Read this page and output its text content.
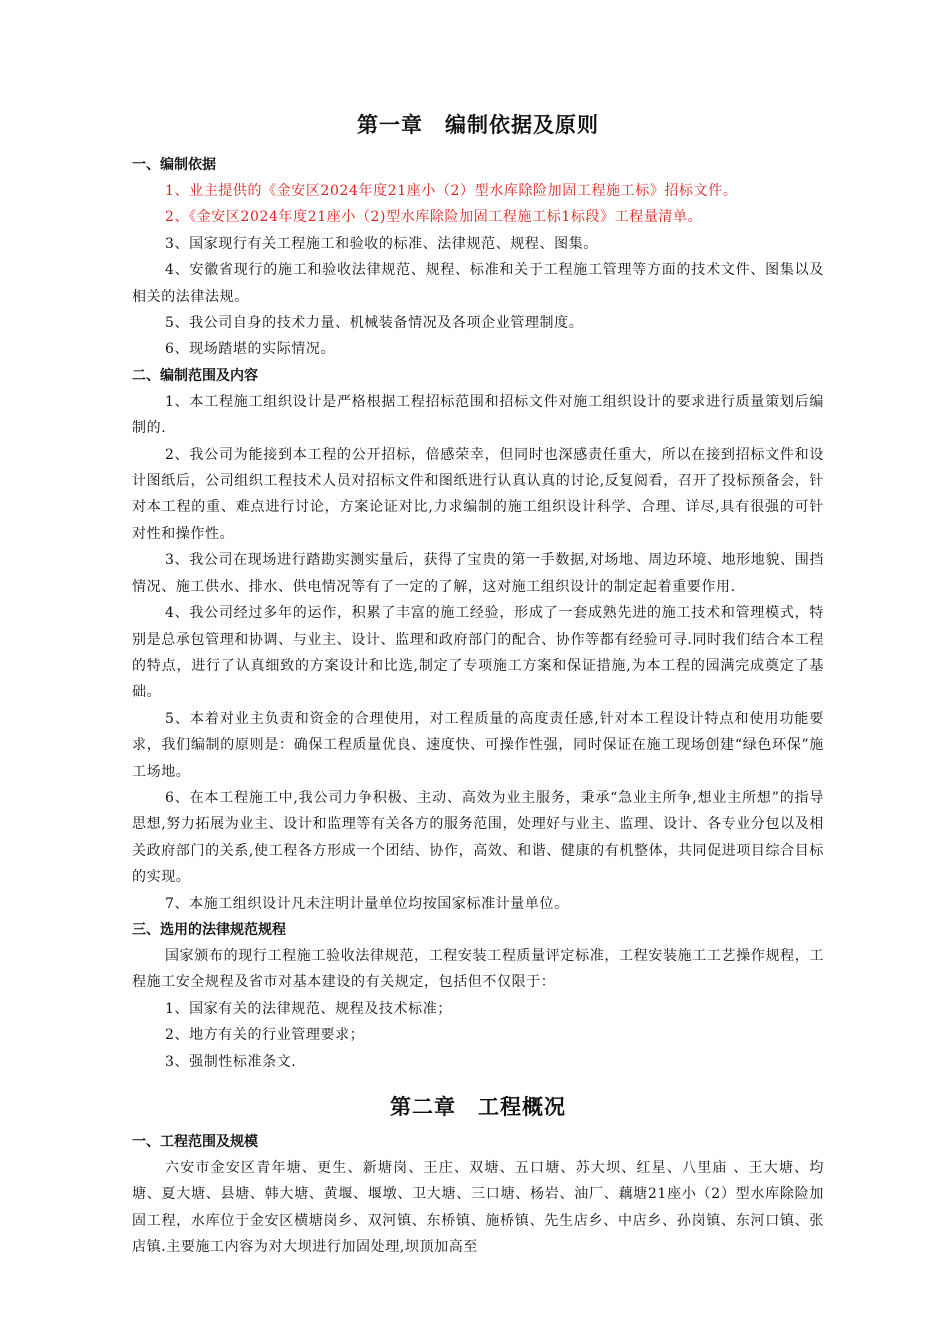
第一章　编制依据及原则
一、编制依据

1、业主提供的《金安区2024年度21座小（2）型水库除险加固工程施工标》招标文件。

2、《金安区2024年度21座小（2)型水库除险加固工程施工标1标段》工程量清单。

3、国家现行有关工程施工和验收的标准、法律规范、规程、图集。

4、安徽省现行的施工和验收法律规范、规程、标准和关于工程施工管理等方面的技术文件、图集以及相关的法律法规。

5、我公司自身的技术力量、机械装备情况及各项企业管理制度。

6、现场踏堪的实际情况。

二、编制范围及内容

1、本工程施工组织设计是严格根据工程招标范围和招标文件对施工组织设计的要求进行质量策划后编制的.

2、我公司为能接到本工程的公开招标，倍感荣幸，但同时也深感责任重大，所以在接到招标文件和设计图纸后，公司组织工程技术人员对招标文件和图纸进行认真认真的讨论,反复阅看，召开了投标预备会，针对本工程的重、难点进行讨论，方案论证对比,力求编制的施工组织设计科学、合理、详尽,具有很强的可针对性和操作性。

3、我公司在现场进行踏勘实测实量后，获得了宝贵的第一手数据,对场地、周边环境、地形地貌、围挡情况、施工供水、排水、供电情况等有了一定的了解，这对施工组织设计的制定起着重要作用.

4、我公司经过多年的运作，积累了丰富的施工经验，形成了一套成熟先进的施工技术和管理模式，特别是总承包管理和协调、与业主、设计、监理和政府部门的配合、协作等都有经验可寻.同时我们结合本工程的特点，进行了认真细致的方案设计和比选,制定了专项施工方案和保证措施,为本工程的园满完成奠定了基础。

5、本着对业主负责和资金的合理使用，对工程质量的高度责任感,针对本工程设计特点和使用功能要求，我们编制的原则是：确保工程质量优良、速度快、可操作性强，同时保证在施工现场创建“绿色环保”施工场地。

6、在本工程施工中,我公司力争积极、主动、高效为业主服务，秉承“急业主所争,想业主所想”的指导思想,努力拓展为业主、设计和监理等有关各方的服务范围，处理好与业主、监理、设计、各专业分包以及相关政府部门的关系,使工程各方形成一个团结、协作，高效、和谐、健康的有机整体，共同促进项目综合目标的实现。

7、本施工组织设计凡未注明计量单位均按国家标准计量单位。

三、选用的法律规范规程

国家颁布的现行工程施工验收法律规范，工程安装工程质量评定标准，工程安装施工工艺操作规程，工程施工安全规程及省市对基本建设的有关规定，包括但不仅限于：

1、国家有关的法律规范、规程及技术标准；

2、地方有关的行业管理要求；

3、强制性标准条文.

第二章　工程概况
一、工程范围及规模

六安市金安区青年塘、更生、新塘岗、王庄、双塘、五口塘、苏大坝、红星、八里庙 、王大塘、均塘、夏大塘、县塘、韩大塘、黄堰、堰墩、卫大塘、三口塘、杨岩、油厂、藕塘21座小（2）型水库除险加固工程，水库位于金安区横塘岗乡、双河镇、东桥镇、施桥镇、先生店乡、中店乡、孙岗镇、东河口镇、张店镇.主要施工内容为对大坝进行加固处理,坝顶加高至
